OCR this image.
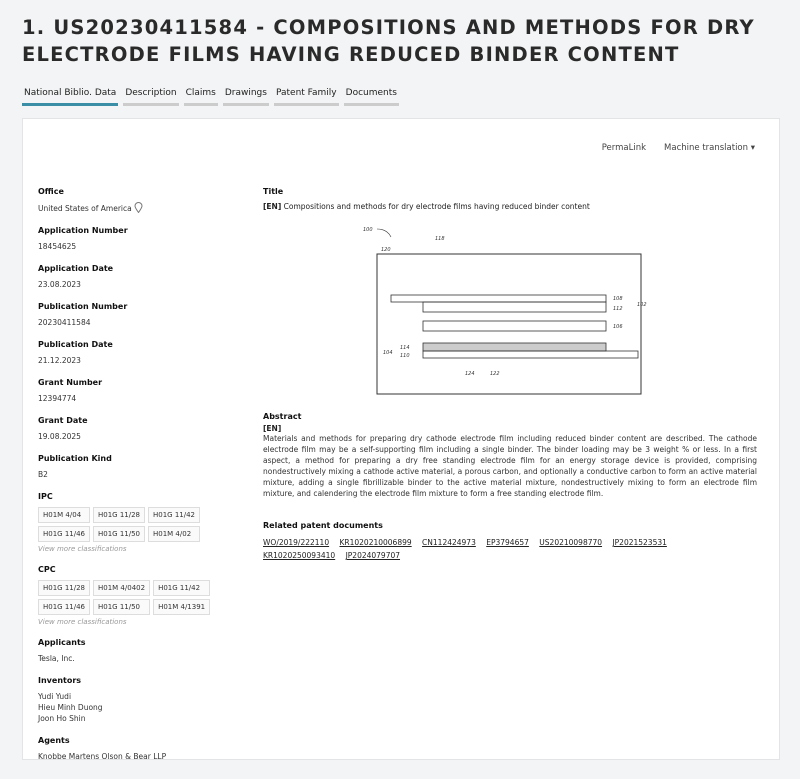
1. US20230411584 - COMPOSITIONS AND METHODS FOR DRY ELECTRODE FILMS HAVING REDUCED BINDER CONTENT
National Biblio. Data Description Claims Drawings Patent Family Documents
PermaLink Machine translation ▾
Office
United States of America
Application Number
18454625
Application Date
23.08.2023
Publication Number
20230411584
Publication Date
21.12.2023
Grant Number
12394774
Grant Date
19.08.2025
Publication Kind
B2
IPC
H01M 4/04	H01G 11/28	H01G 11/42
H01G 11/46	H01G 11/50	H01M 4/02
View more classifications
CPC
H01G 11/28	H01M 4/0402	H01G 11/42
H01G 11/46	H01G 11/50	H01M 4/1391
View more classifications
Applicants
Tesla, Inc.
Inventors
Yudi Yudi
Hieu Minh Duong
Joon Ho Shin
Agents
Knobbe Martens Olson & Bear LLP
Title
[EN] Compositions and methods for dry electrode films having reduced binder content
100
120
118
108
112
102
106
114
110
104
124	122
Abstract
[EN]
Materials and methods for preparing dry cathode electrode film including reduced binder content are described. The cathode electrode film may be a self-supporting film including a single binder. The binder loading may be 3 weight % or less. In a first aspect, a method for preparing a dry free standing electrode film for an energy storage device is provided, comprising nondestructively mixing a cathode active material, a porous carbon, and optionally a conductive carbon to form an active material mixture, adding a single fibrillizable binder to the active material mixture, nondestructively mixing to form an electrode film mixture, and calendering the electrode film mixture to form a free standing electrode film.
Related patent documents
WO/2019/222110 KR1020210006899 CN112424973 EP3794657 US20210098770 JP2021523531 KR1020250093410 JP2024079707
